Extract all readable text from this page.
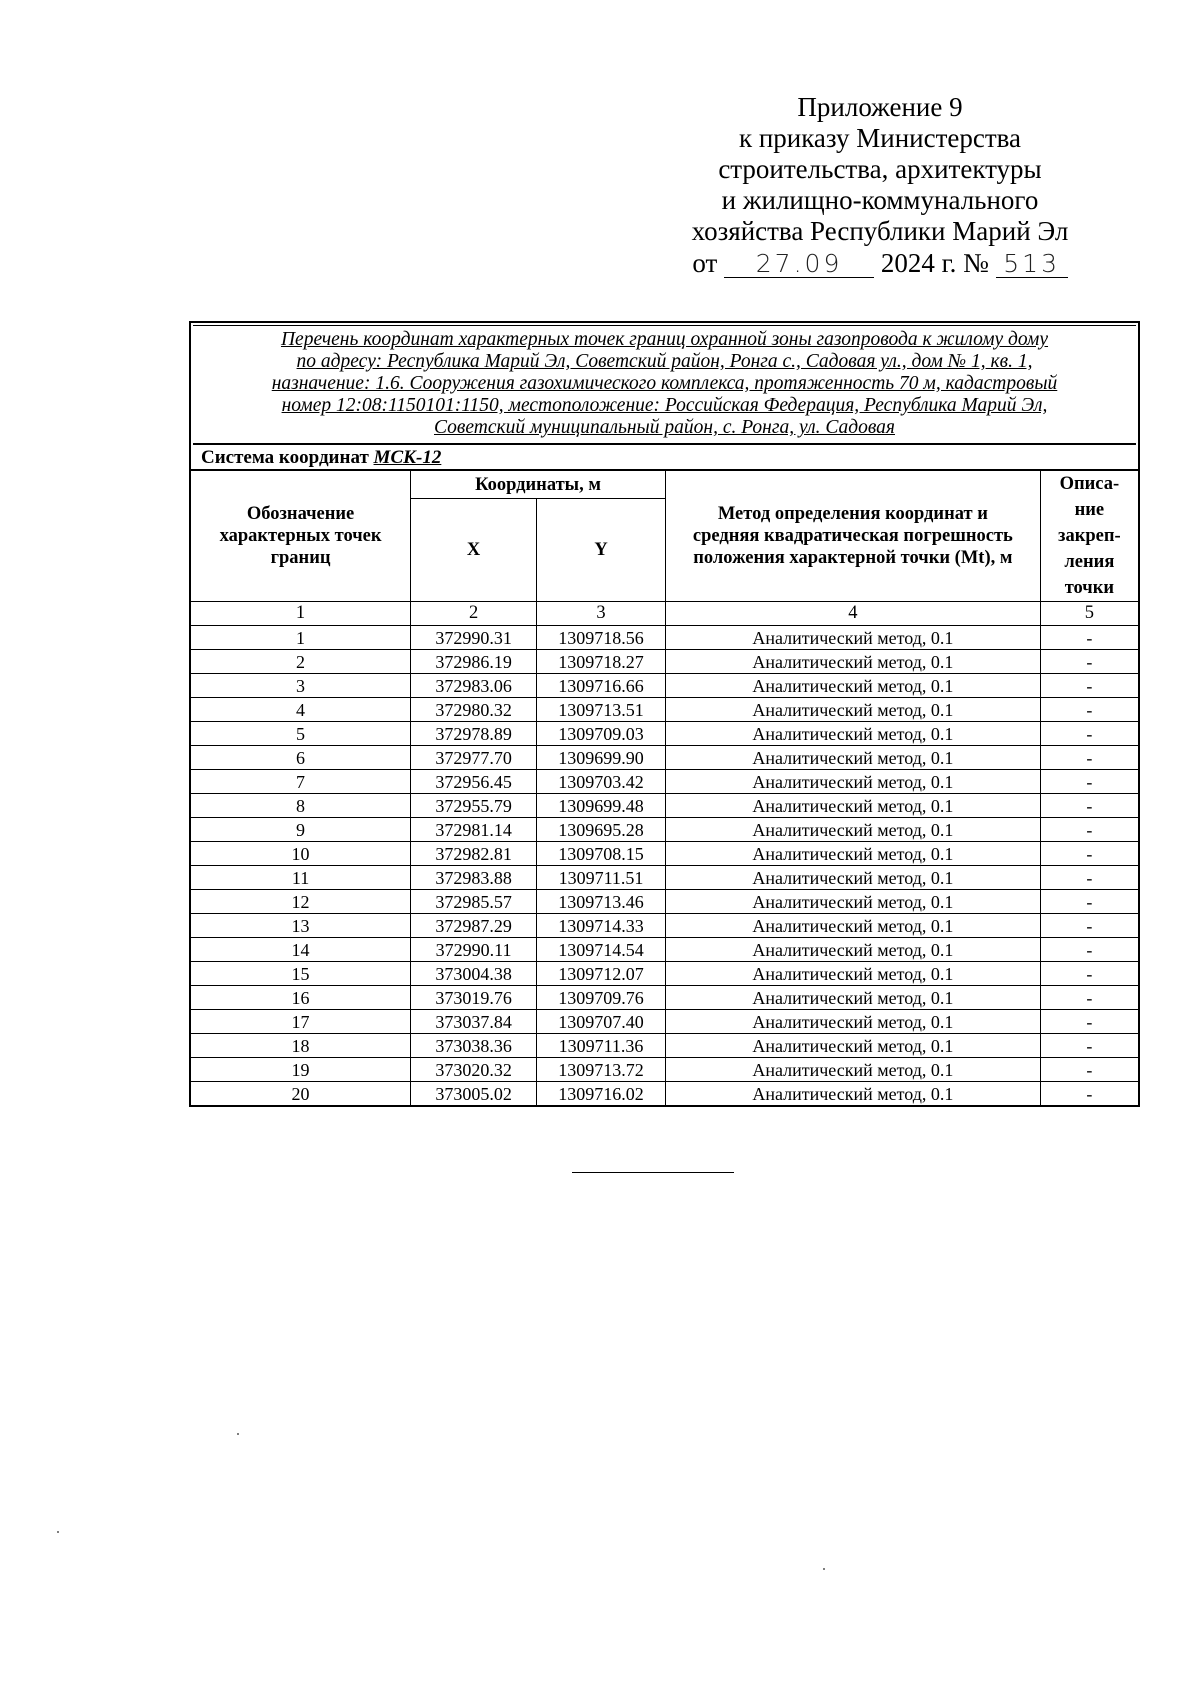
Приложение 9
к приказу Министерства
строительства, архитектуры
и жилищно-коммунального
хозяйства Республики Марий Эл
от 27.09 2024 г. № 513
Перечень координат характерных точек границ охранной зоны газопровода к жилому дому
по адресу: Республика Марий Эл, Советский район, Ронга с., Садовая ул., дом № 1, кв. 1,
назначение: 1.6. Сооружения газохимического комплекса, протяженность 70 м, кадастровый
номер 12:08:1150101:1150, местоположение: Российская Федерация, Республика Марий Эл,
Советский муниципальный район, с. Ронга, ул. Садовая
Система координат МСК-12
Обозначение характерных точек границ	Координаты, м		Метод определения координат и средняя квадратическая погрешность положения характерной точки (Mt), м	Описа-ние закреп-ления точки
	X	Y		
1	2	3	4	5
1	372990.31	1309718.56	Аналитический метод, 0.1	-
2	372986.19	1309718.27	Аналитический метод, 0.1	-
3	372983.06	1309716.66	Аналитический метод, 0.1	-
4	372980.32	1309713.51	Аналитический метод, 0.1	-
5	372978.89	1309709.03	Аналитический метод, 0.1	-
6	372977.70	1309699.90	Аналитический метод, 0.1	-
7	372956.45	1309703.42	Аналитический метод, 0.1	-
8	372955.79	1309699.48	Аналитический метод, 0.1	-
9	372981.14	1309695.28	Аналитический метод, 0.1	-
10	372982.81	1309708.15	Аналитический метод, 0.1	-
11	372983.88	1309711.51	Аналитический метод, 0.1	-
12	372985.57	1309713.46	Аналитический метод, 0.1	-
13	372987.29	1309714.33	Аналитический метод, 0.1	-
14	372990.11	1309714.54	Аналитический метод, 0.1	-
15	373004.38	1309712.07	Аналитический метод, 0.1	-
16	373019.76	1309709.76	Аналитический метод, 0.1	-
17	373037.84	1309707.40	Аналитический метод, 0.1	-
18	373038.36	1309711.36	Аналитический метод, 0.1	-
19	373020.32	1309713.72	Аналитический метод, 0.1	-
20	373005.02	1309716.02	Аналитический метод, 0.1	-
